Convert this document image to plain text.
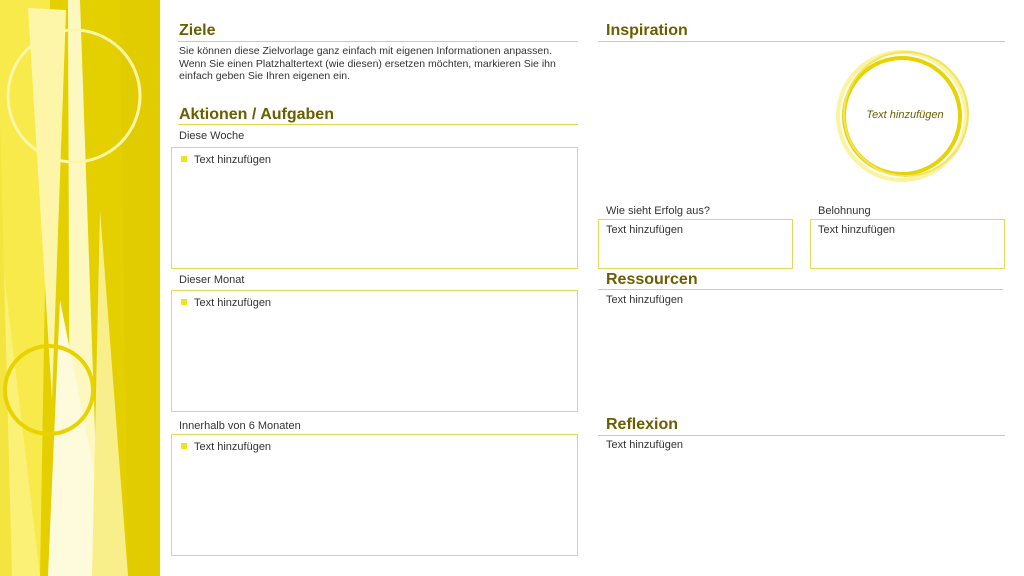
Ziele
Sie können diese Zielvorlage ganz einfach mit eigenen Informationen anpassen. Wenn Sie einen Platzhaltertext (wie diesen) ersetzen möchten, markieren Sie ihn einfach geben Sie Ihren eigenen ein.
Aktionen / Aufgaben
Diese Woche
Text hinzufügen
Dieser Monat
Text hinzufügen
Innerhalb von 6 Monaten
Text hinzufügen
Inspiration
Text hinzufügen
Wie sieht Erfolg aus?
Text hinzufügen
Belohnung
Text hinzufügen
Ressourcen
Text hinzufügen
Reflexion
Text hinzufügen
